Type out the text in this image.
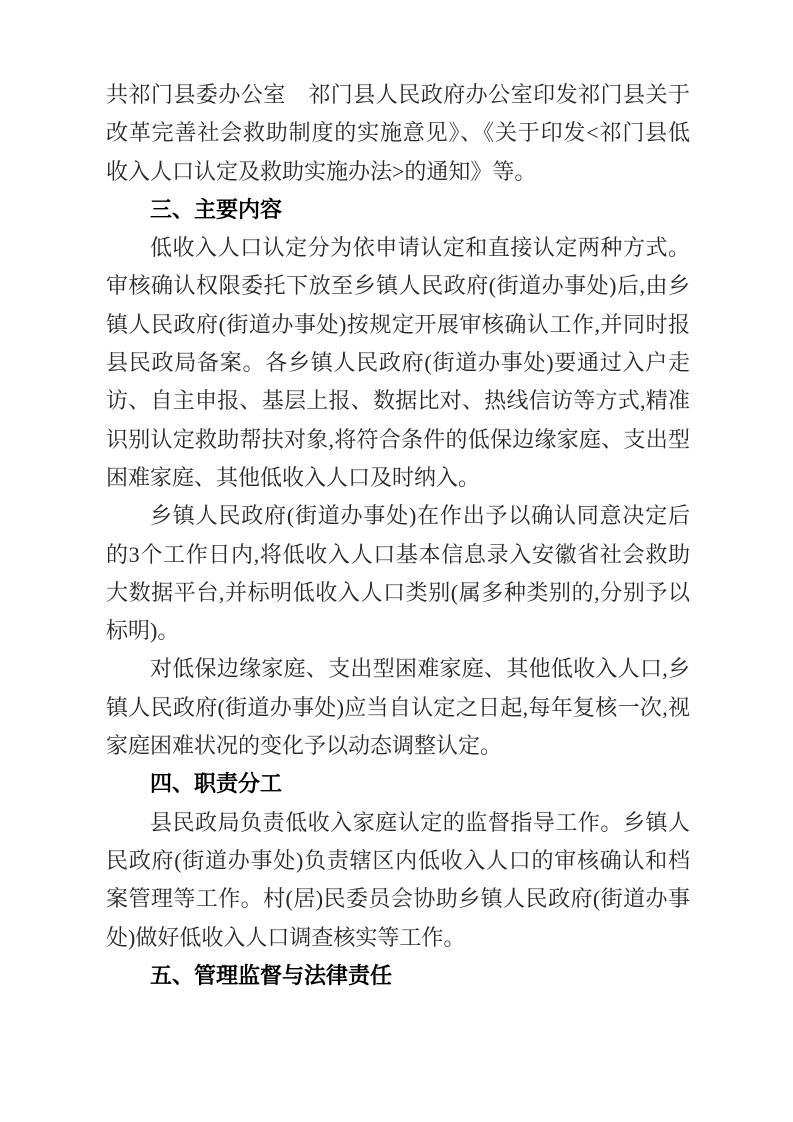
共祁门县委办公室　祁门县人民政府办公室印发祁门县关于改革完善社会救助制度的实施意见》、《关于印发<祁门县低收入人口认定及救助实施办法>的通知》等。

三、主要内容

低收入人口认定分为依申请认定和直接认定两种方式。审核确认权限委托下放至乡镇人民政府(街道办事处)后,由乡镇人民政府(街道办事处)按规定开展审核确认工作,并同时报县民政局备案。各乡镇人民政府(街道办事处)要通过入户走访、自主申报、基层上报、数据比对、热线信访等方式,精准识别认定救助帮扶对象,将符合条件的低保边缘家庭、支出型困难家庭、其他低收入人口及时纳入。

乡镇人民政府(街道办事处)在作出予以确认同意决定后的3个工作日内,将低收入人口基本信息录入安徽省社会救助大数据平台,并标明低收入人口类别(属多种类别的,分别予以标明)。

对低保边缘家庭、支出型困难家庭、其他低收入人口,乡镇人民政府(街道办事处)应当自认定之日起,每年复核一次,视家庭困难状况的变化予以动态调整认定。

四、职责分工

县民政局负责低收入家庭认定的监督指导工作。乡镇人民政府(街道办事处)负责辖区内低收入人口的审核确认和档案管理等工作。村(居)民委员会协助乡镇人民政府(街道办事处)做好低收入人口调查核实等工作。

五、管理监督与法律责任
